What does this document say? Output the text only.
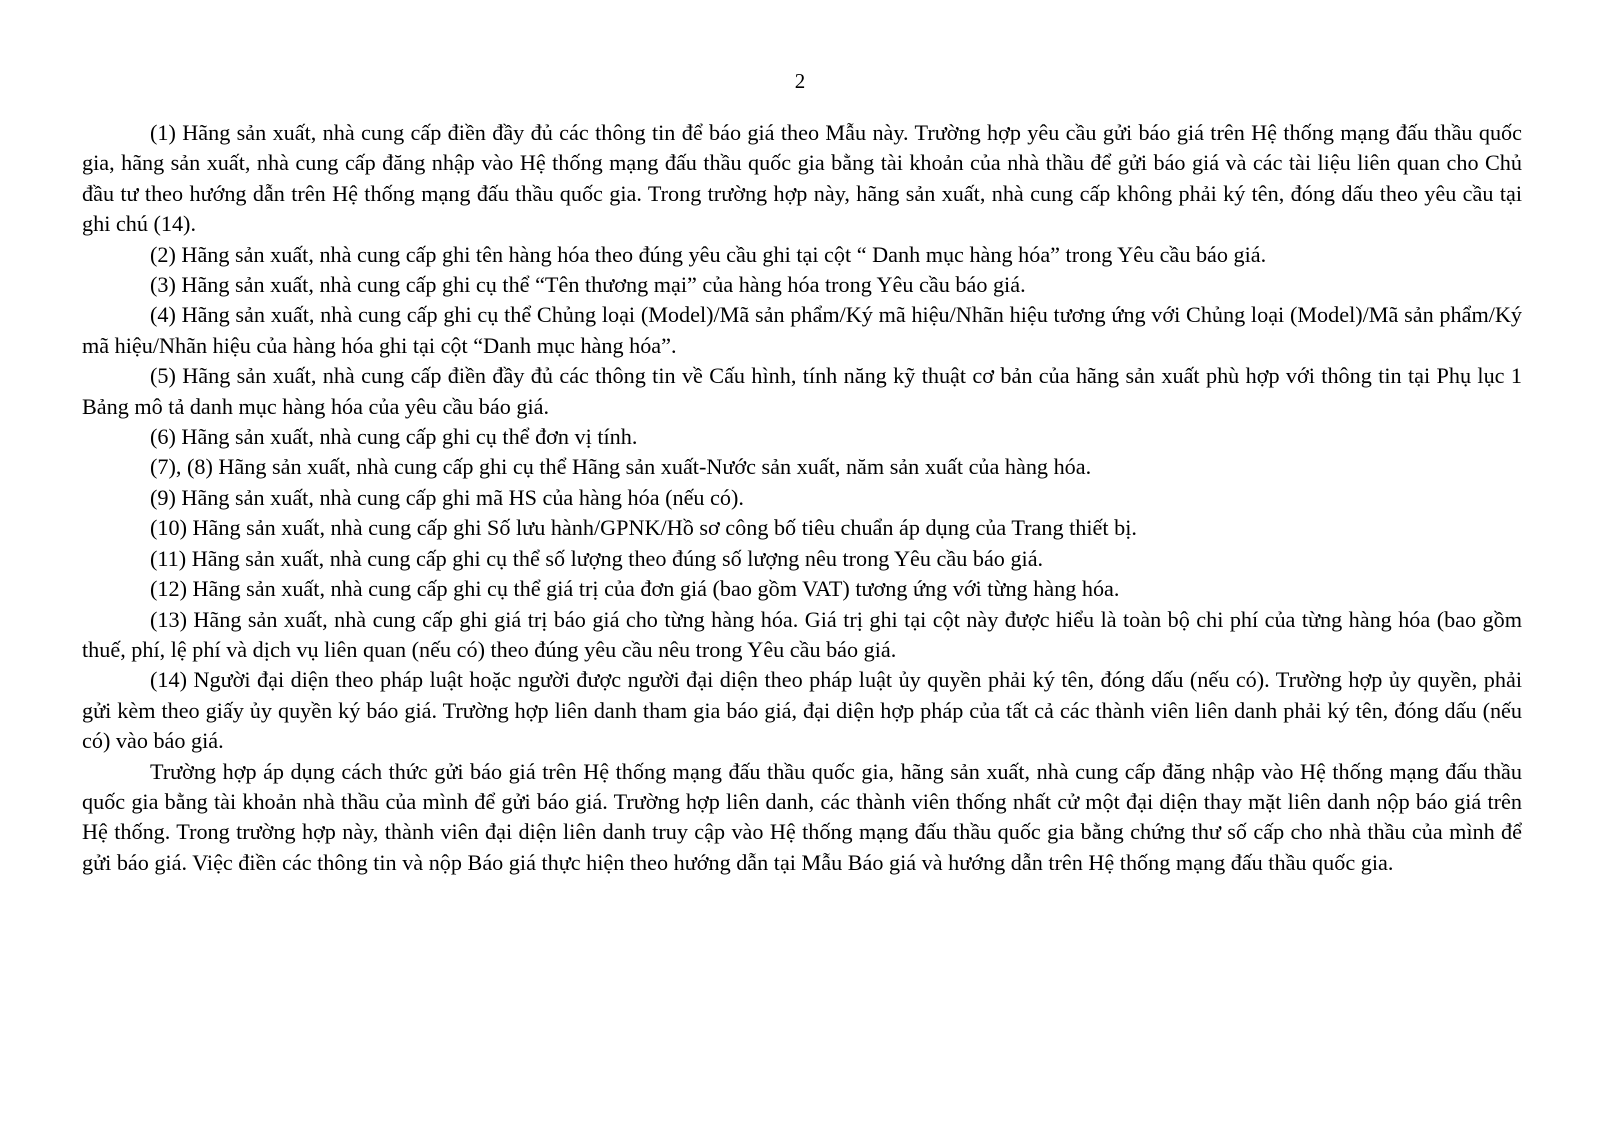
2

(1) Hãng sản xuất, nhà cung cấp điền đầy đủ các thông tin để báo giá theo Mẫu này. Trường hợp yêu cầu gửi báo giá trên Hệ thống mạng đấu thầu quốc gia, hãng sản xuất, nhà cung cấp đăng nhập vào Hệ thống mạng đấu thầu quốc gia bằng tài khoản của nhà thầu để gửi báo giá và các tài liệu liên quan cho Chủ đầu tư theo hướng dẫn trên Hệ thống mạng đấu thầu quốc gia. Trong trường hợp này, hãng sản xuất, nhà cung cấp không phải ký tên, đóng dấu theo yêu cầu tại ghi chú (14).

(2) Hãng sản xuất, nhà cung cấp ghi tên hàng hóa theo đúng yêu cầu ghi tại cột “ Danh mục hàng hóa” trong Yêu cầu báo giá.

(3) Hãng sản xuất, nhà cung cấp ghi cụ thể “Tên thương mại” của hàng hóa trong Yêu cầu báo giá.

(4) Hãng sản xuất, nhà cung cấp ghi cụ thể Chủng loại (Model)/Mã sản phẩm/Ký mã hiệu/Nhãn hiệu tương ứng với Chủng loại (Model)/Mã sản phẩm/Ký mã hiệu/Nhãn hiệu của hàng hóa ghi tại cột “Danh mục hàng hóa”.

(5) Hãng sản xuất, nhà cung cấp điền đầy đủ các thông tin về Cấu hình, tính năng kỹ thuật cơ bản của hãng sản xuất phù hợp với thông tin tại Phụ lục 1 Bảng mô tả danh mục hàng hóa của yêu cầu báo giá.

(6) Hãng sản xuất, nhà cung cấp ghi cụ thể đơn vị tính.

(7), (8) Hãng sản xuất, nhà cung cấp ghi cụ thể Hãng sản xuất-Nước sản xuất, năm sản xuất của hàng hóa.

(9) Hãng sản xuất, nhà cung cấp ghi mã HS của hàng hóa (nếu có).

(10) Hãng sản xuất, nhà cung cấp ghi Số lưu hành/GPNK/Hồ sơ công bố tiêu chuẩn áp dụng của Trang thiết bị.

(11) Hãng sản xuất, nhà cung cấp ghi cụ thể số lượng theo đúng số lượng nêu trong Yêu cầu báo giá.

(12) Hãng sản xuất, nhà cung cấp ghi cụ thể giá trị của đơn giá (bao gồm VAT) tương ứng với từng hàng hóa.

(13) Hãng sản xuất, nhà cung cấp ghi giá trị báo giá cho từng hàng hóa. Giá trị ghi tại cột này được hiểu là toàn bộ chi phí của từng hàng hóa (bao gồm thuế, phí, lệ phí và dịch vụ liên quan (nếu có) theo đúng yêu cầu nêu trong Yêu cầu báo giá.

(14) Người đại diện theo pháp luật hoặc người được người đại diện theo pháp luật ủy quyền phải ký tên, đóng dấu (nếu có). Trường hợp ủy quyền, phải gửi kèm theo giấy ủy quyền ký báo giá. Trường hợp liên danh tham gia báo giá, đại diện hợp pháp của tất cả các thành viên liên danh phải ký tên, đóng dấu (nếu có) vào báo giá.

Trường hợp áp dụng cách thức gửi báo giá trên Hệ thống mạng đấu thầu quốc gia, hãng sản xuất, nhà cung cấp đăng nhập vào Hệ thống mạng đấu thầu quốc gia bằng tài khoản nhà thầu của mình để gửi báo giá. Trường hợp liên danh, các thành viên thống nhất cử một đại diện thay mặt liên danh nộp báo giá trên Hệ thống. Trong trường hợp này, thành viên đại diện liên danh truy cập vào Hệ thống mạng đấu thầu quốc gia bằng chứng thư số cấp cho nhà thầu của mình để gửi báo giá. Việc điền các thông tin và nộp Báo giá thực hiện theo hướng dẫn tại Mẫu Báo giá và hướng dẫn trên Hệ thống mạng đấu thầu quốc gia.
